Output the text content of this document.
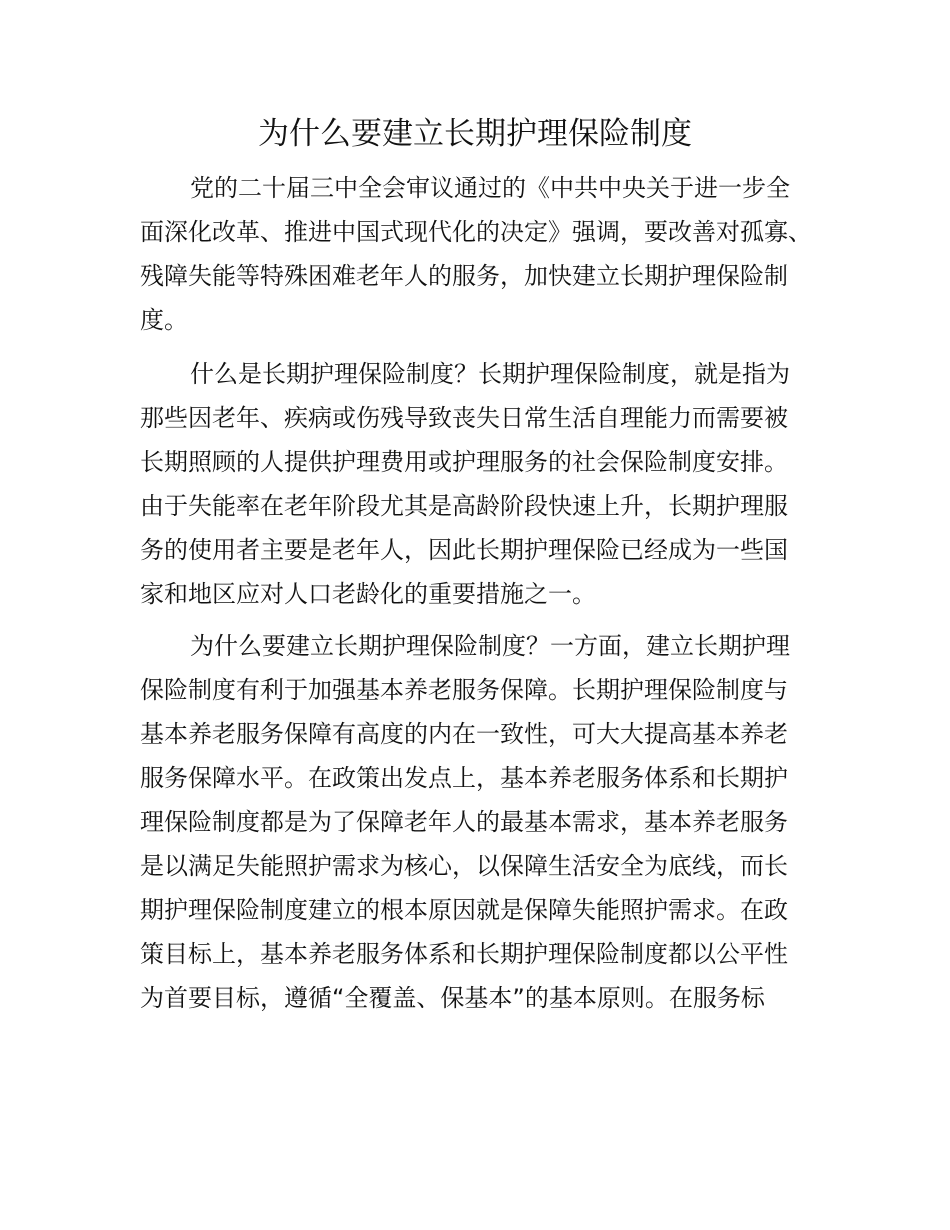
为什么要建立长期护理保险制度

党的二十届三中全会审议通过的《中共中央关于进一步全

面深化改革、推进中国式现代化的决定》强调，要改善对孤寡、

残障失能等特殊困难老年人的服务，加快建立长期护理保险制

度。

什么是长期护理保险制度？长期护理保险制度，就是指为

那些因老年、疾病或伤残导致丧失日常生活自理能力而需要被

长期照顾的人提供护理费用或护理服务的社会保险制度安排。

由于失能率在老年阶段尤其是高龄阶段快速上升，长期护理服

务的使用者主要是老年人，因此长期护理保险已经成为一些国

家和地区应对人口老龄化的重要措施之一。

为什么要建立长期护理保险制度？一方面，建立长期护理

保险制度有利于加强基本养老服务保障。长期护理保险制度与

基本养老服务保障有高度的内在一致性，可大大提高基本养老

服务保障水平。在政策出发点上，基本养老服务体系和长期护

理保险制度都是为了保障老年人的最基本需求，基本养老服务

是以满足失能照护需求为核心，以保障生活安全为底线，而长

期护理保险制度建立的根本原因就是保障失能照护需求。在政

策目标上，基本养老服务体系和长期护理保险制度都以公平性

为首要目标，遵循“全覆盖、保基本”的基本原则。在服务标
